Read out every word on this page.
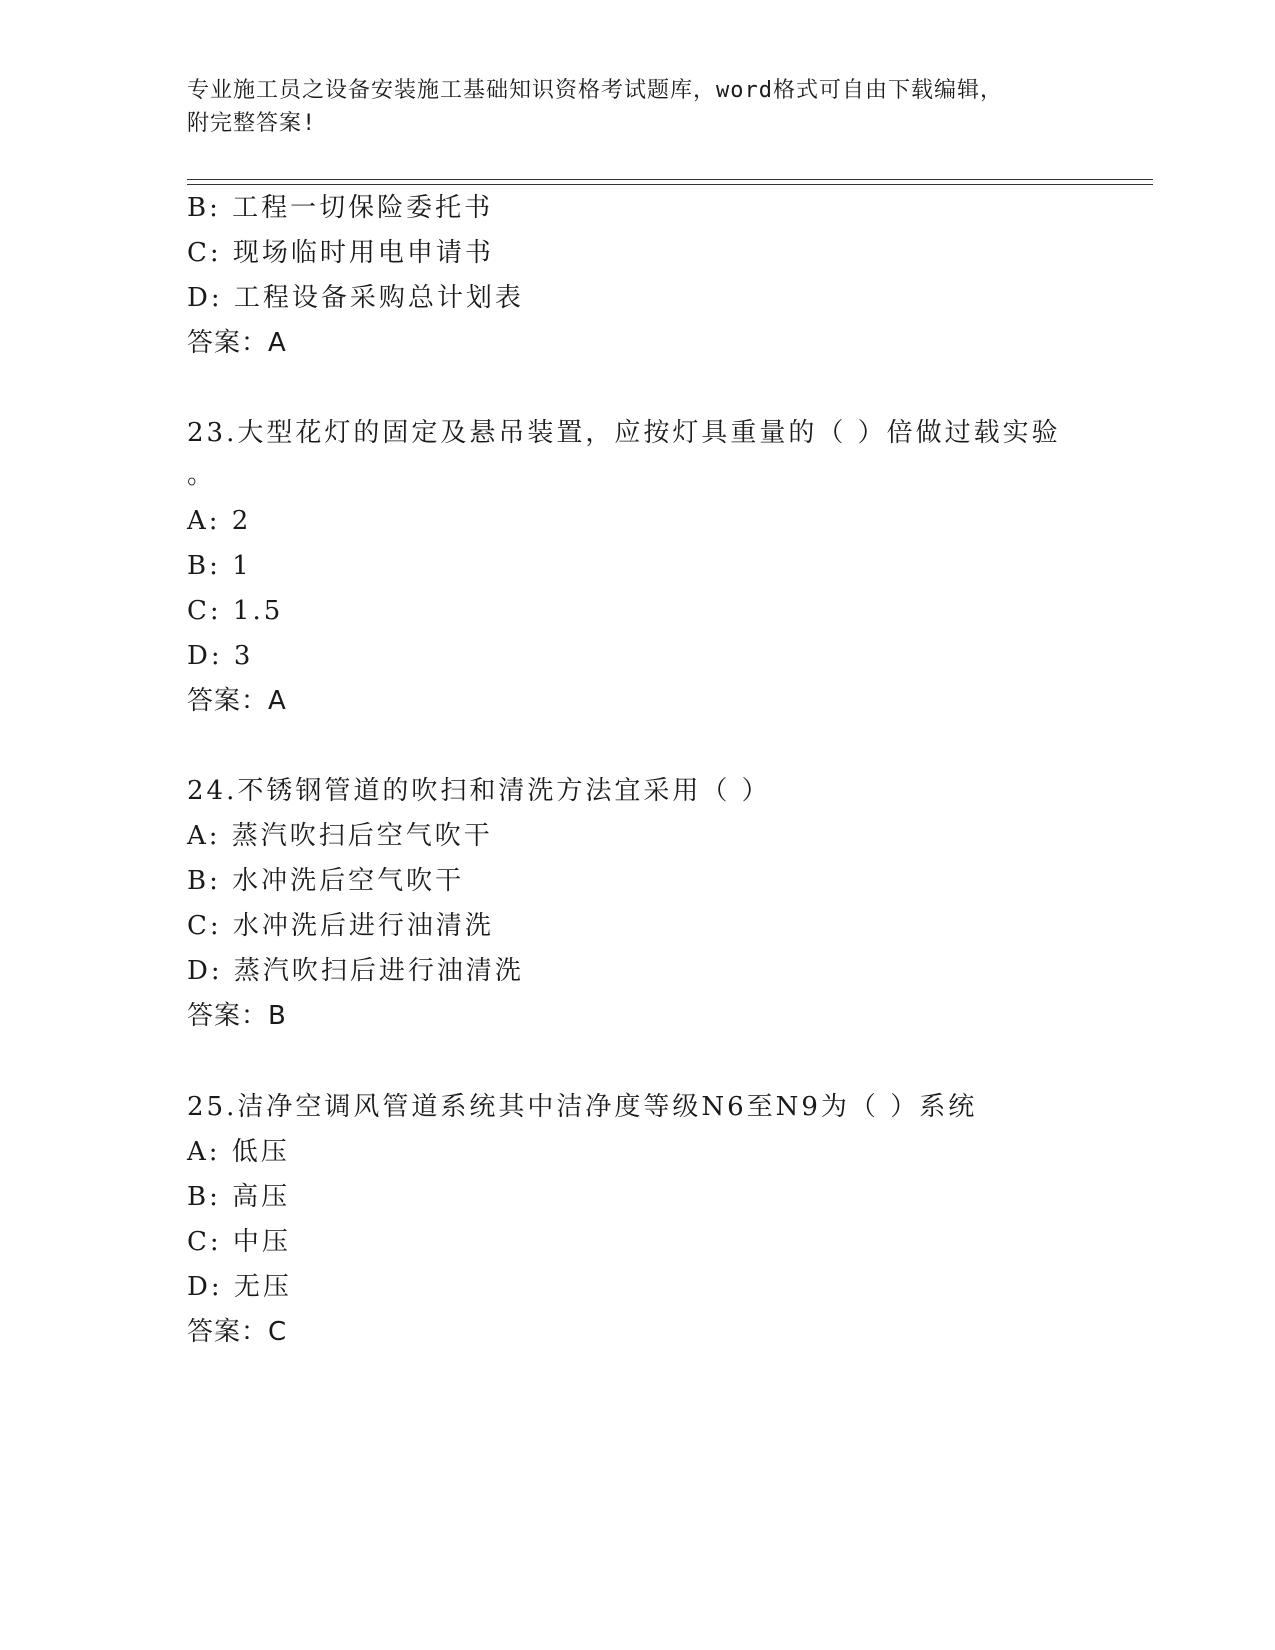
专业施工员之设备安装施工基础知识资格考试题库，word格式可自由下载编辑，
附完整答案!
B: 工程一切保险委托书
C: 现场临时用电申请书
D: 工程设备采购总计划表
答案：A
23.大型花灯的固定及悬吊装置，应按灯具重量的（ ）倍做过载实验
。
A: 2
B: 1
C: 1.5
D: 3
答案：A
24.不锈钢管道的吹扫和清洗方法宜采用（ ）
A: 蒸汽吹扫后空气吹干
B: 水冲洗后空气吹干
C: 水冲洗后进行油清洗
D: 蒸汽吹扫后进行油清洗
答案：B
25.洁净空调风管道系统其中洁净度等级N6至N9为（ ）系统
A: 低压
B: 高压
C: 中压
D: 无压
答案：C
